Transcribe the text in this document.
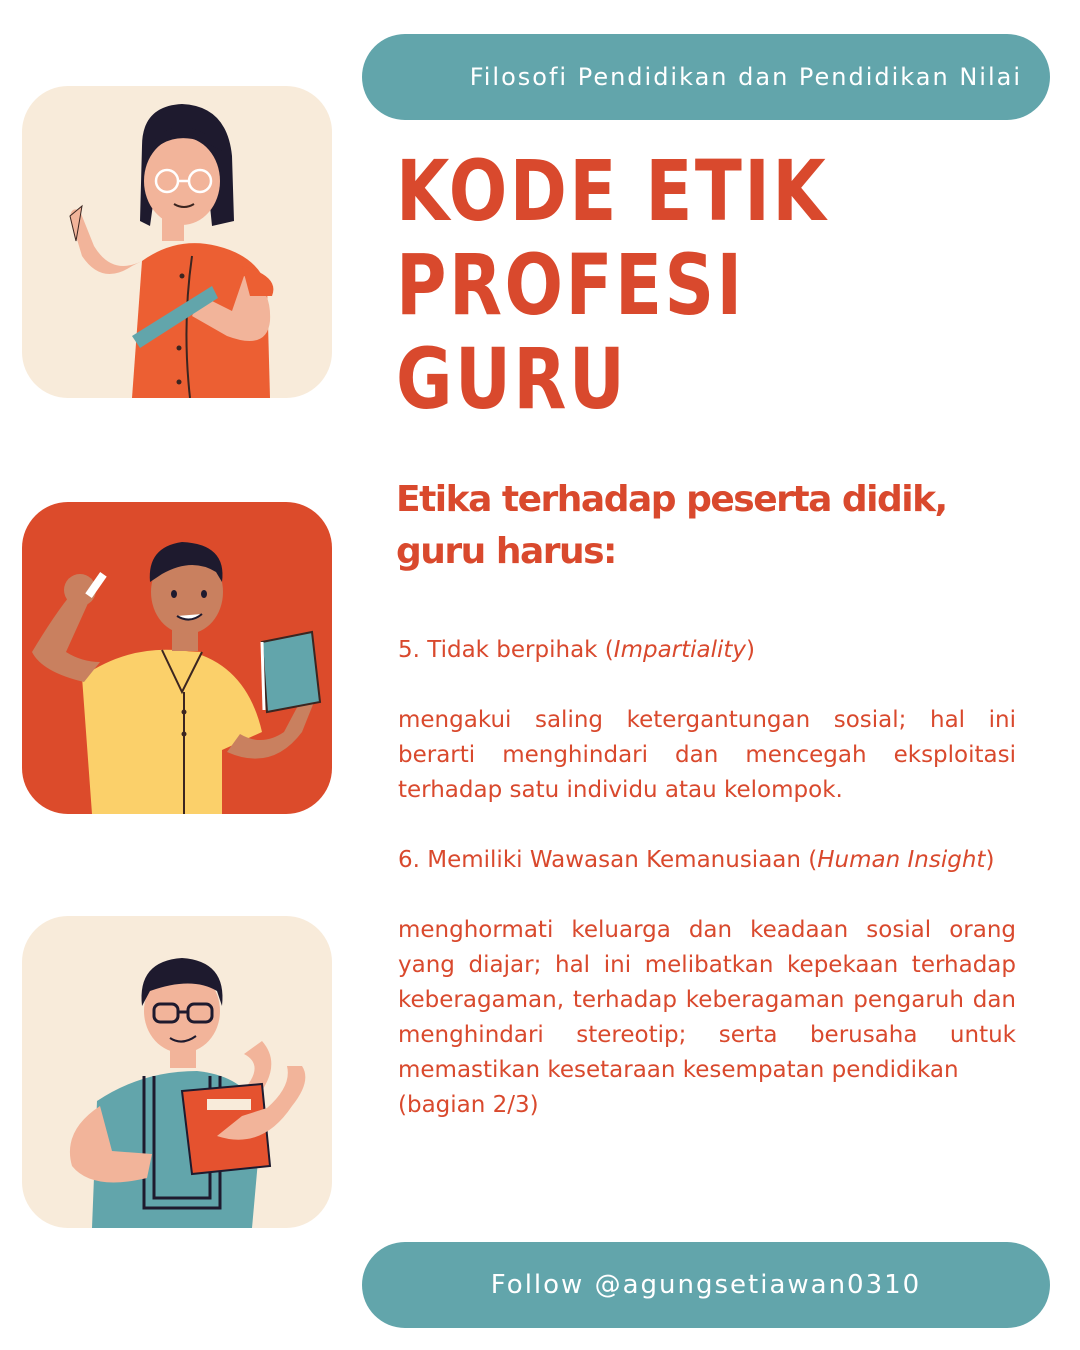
Filosofi Pendidikan dan Pendidikan Nilai
KODE ETIK
PROFESI
GURU
Etika terhadap peserta didik,
guru harus:

5. Tidak berpihak (Impartiality)

mengakui saling ketergantungan sosial; hal ini berarti menghindari dan mencegah eksploitasi terhadap satu individu atau kelompok.

6. Memiliki Wawasan Kemanusiaan (Human Insight)

menghormati keluarga dan keadaan sosial orang yang diajar; hal ini melibatkan kepekaan terhadap keberagaman, terhadap keberagaman pengaruh dan menghindari stereotip; serta berusaha untuk memastikan kesetaraan kesempatan pendidikan

(bagian 2/3)

Follow @agungsetiawan0310
